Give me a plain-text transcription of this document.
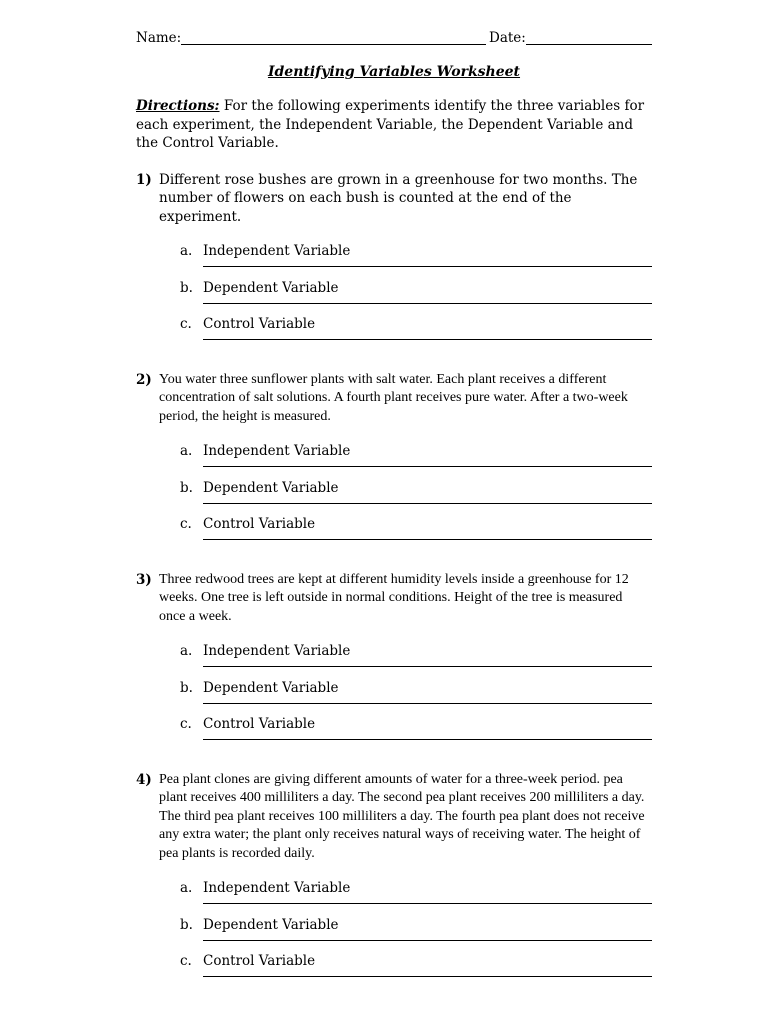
Name:	Date:
Identifying Variables Worksheet
Directions: For the following experiments identify the three variables for each experiment, the Independent Variable, the Dependent Variable and the Control Variable.
1) Different rose bushes are grown in a greenhouse for two months. The number of flowers on each bush is counted at the end of the experiment.
a. Independent Variable
b. Dependent Variable
c. Control Variable
2) You water three sunflower plants with salt water. Each plant receives a different concentration of salt solutions. A fourth plant receives pure water. After a two-week period, the height is measured.
a. Independent Variable
b. Dependent Variable
c. Control Variable
3) Three redwood trees are kept at different humidity levels inside a greenhouse for 12 weeks. One tree is left outside in normal conditions. Height of the tree is measured once a week.
a. Independent Variable
b. Dependent Variable
c. Control Variable
4) Pea plant clones are giving different amounts of water for a three-week period. pea plant receives 400 milliliters a day. The second pea plant receives 200 milliliters a day. The third pea plant receives 100 milliliters a day. The fourth pea plant does not receive any extra water; the plant only receives natural ways of receiving water. The height of pea plants is recorded daily.
a. Independent Variable
b. Dependent Variable
c. Control Variable
